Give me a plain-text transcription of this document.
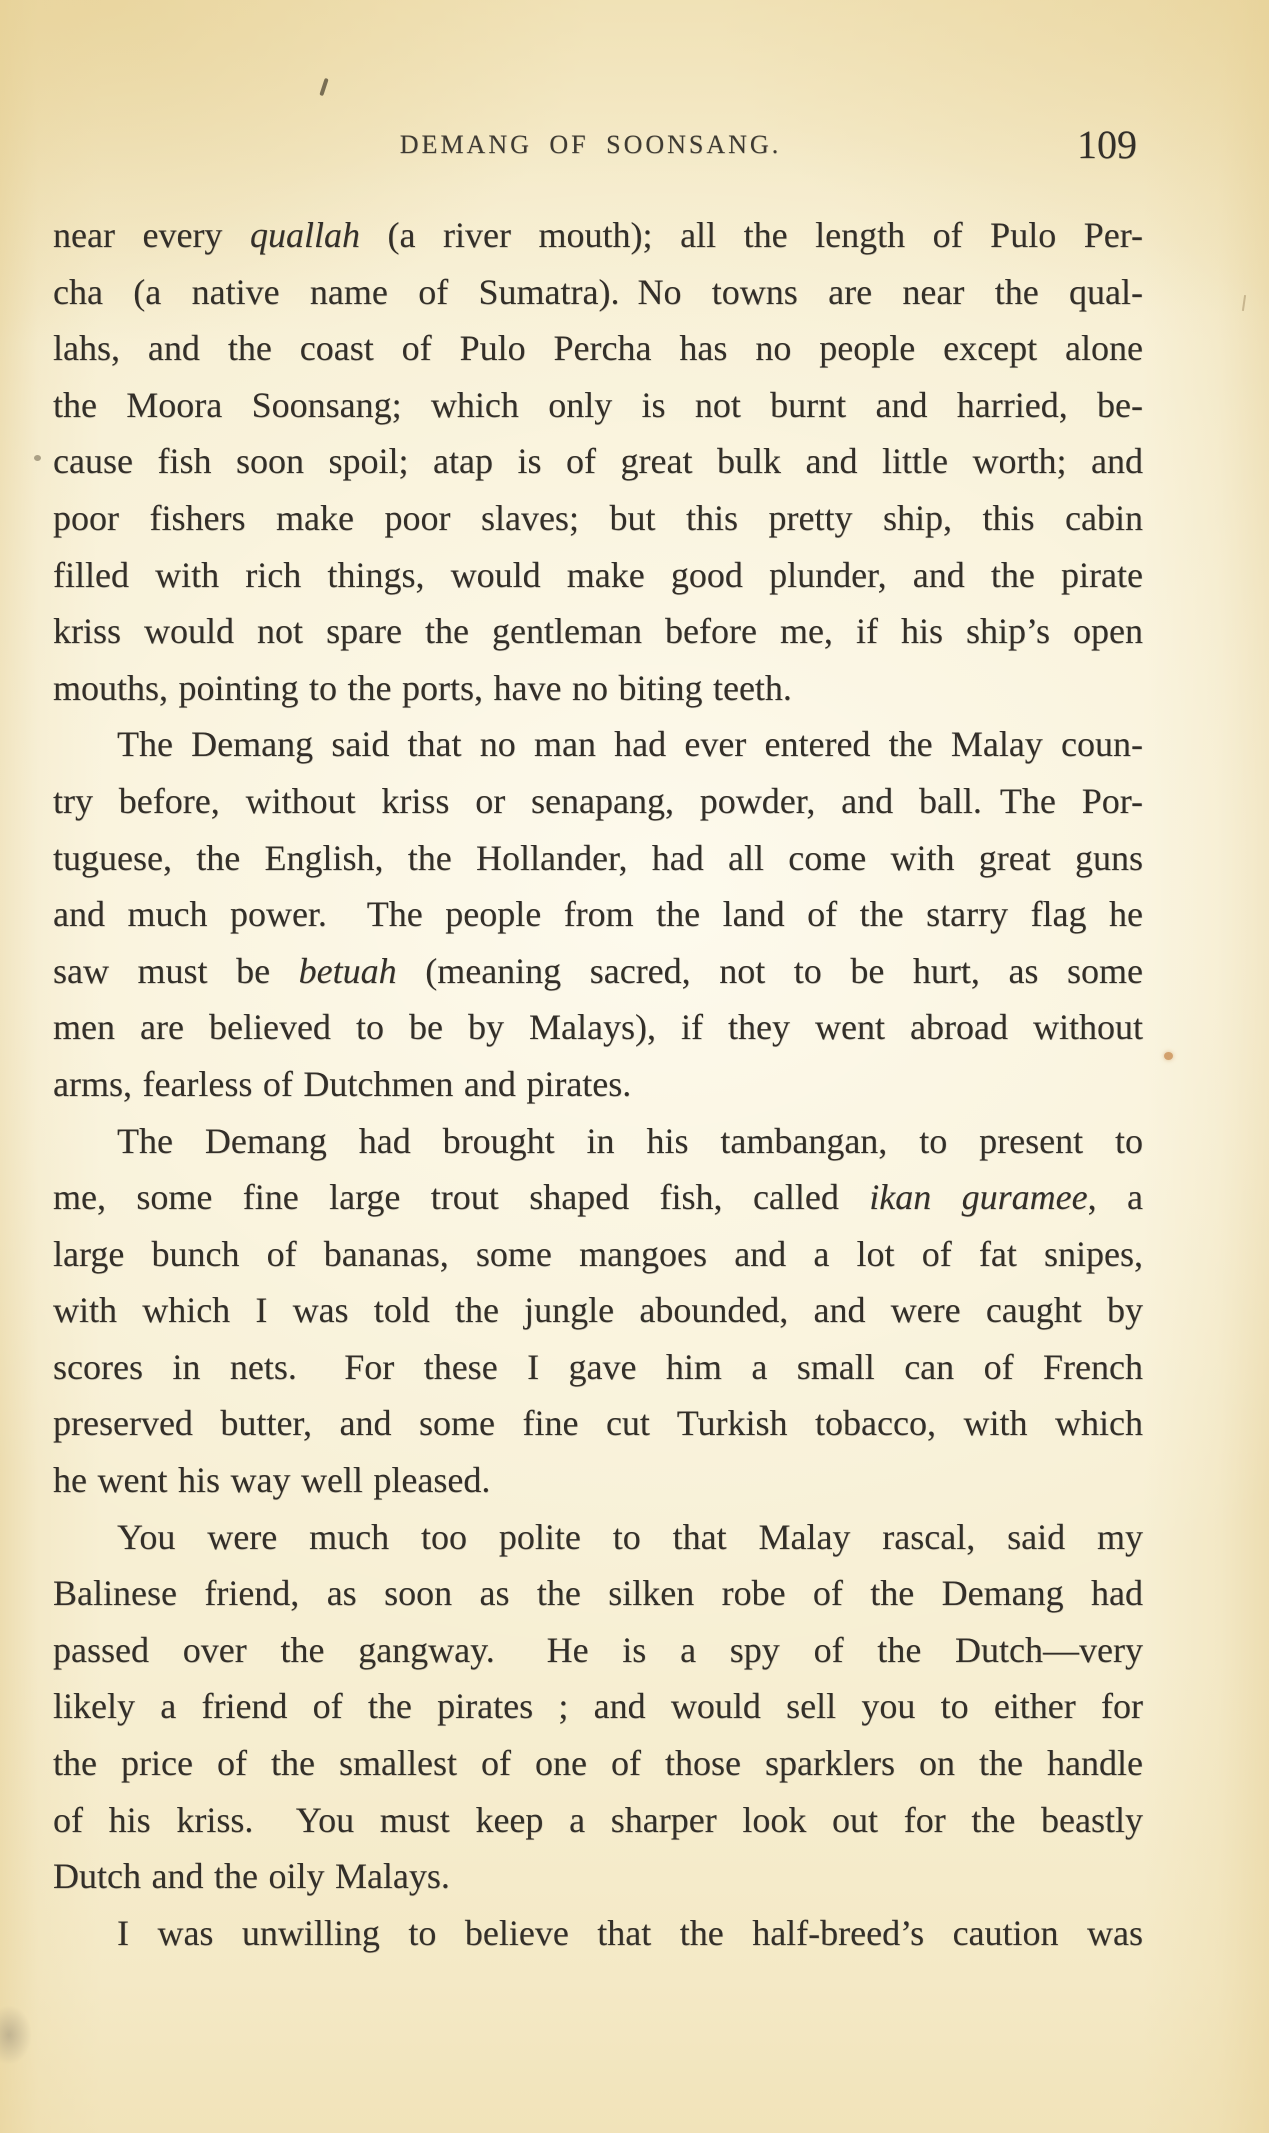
DEMANG OF SOONSANG.	109
near every quallah (a river mouth); all the length of Pulo Per-
cha (a native name of Sumatra). No towns are near the qual-
lahs, and the coast of Pulo Percha has no people except alone
the Moora Soonsang; which only is not burnt and harried, be-
cause fish soon spoil; atap is of great bulk and little worth; and
poor fishers make poor slaves; but this pretty ship, this cabin
filled with rich things, would make good plunder, and the pirate
kriss would not spare the gentleman before me, if his ship’s open
mouths, pointing to the ports, have no biting teeth.
The Demang said that no man had ever entered the Malay coun-
try before, without kriss or senapang, powder, and ball. The Por-
tuguese, the English, the Hollander, had all come with great guns
and much power.  The people from the land of the starry flag he
saw must be betuah (meaning sacred, not to be hurt, as some
men are believed to be by Malays), if they went abroad without
arms, fearless of Dutchmen and pirates.
The Demang had brought in his tambangan, to present to
me, some fine large trout shaped fish, called ikan guramee, a
large bunch of bananas, some mangoes and a lot of fat snipes,
with which I was told the jungle abounded, and were caught by
scores in nets.  For these I gave him a small can of French
preserved butter, and some fine cut Turkish tobacco, with which
he went his way well pleased.
You were much too polite to that Malay rascal, said my
Balinese friend, as soon as the silken robe of the Demang had
passed over the gangway.  He is a spy of the Dutch—very
likely a friend of the pirates ; and would sell you to either for
the price of the smallest of one of those sparklers on the handle
of his kriss.  You must keep a sharper look out for the beastly
Dutch and the oily Malays.
I was unwilling to believe that the half-breed’s caution was
